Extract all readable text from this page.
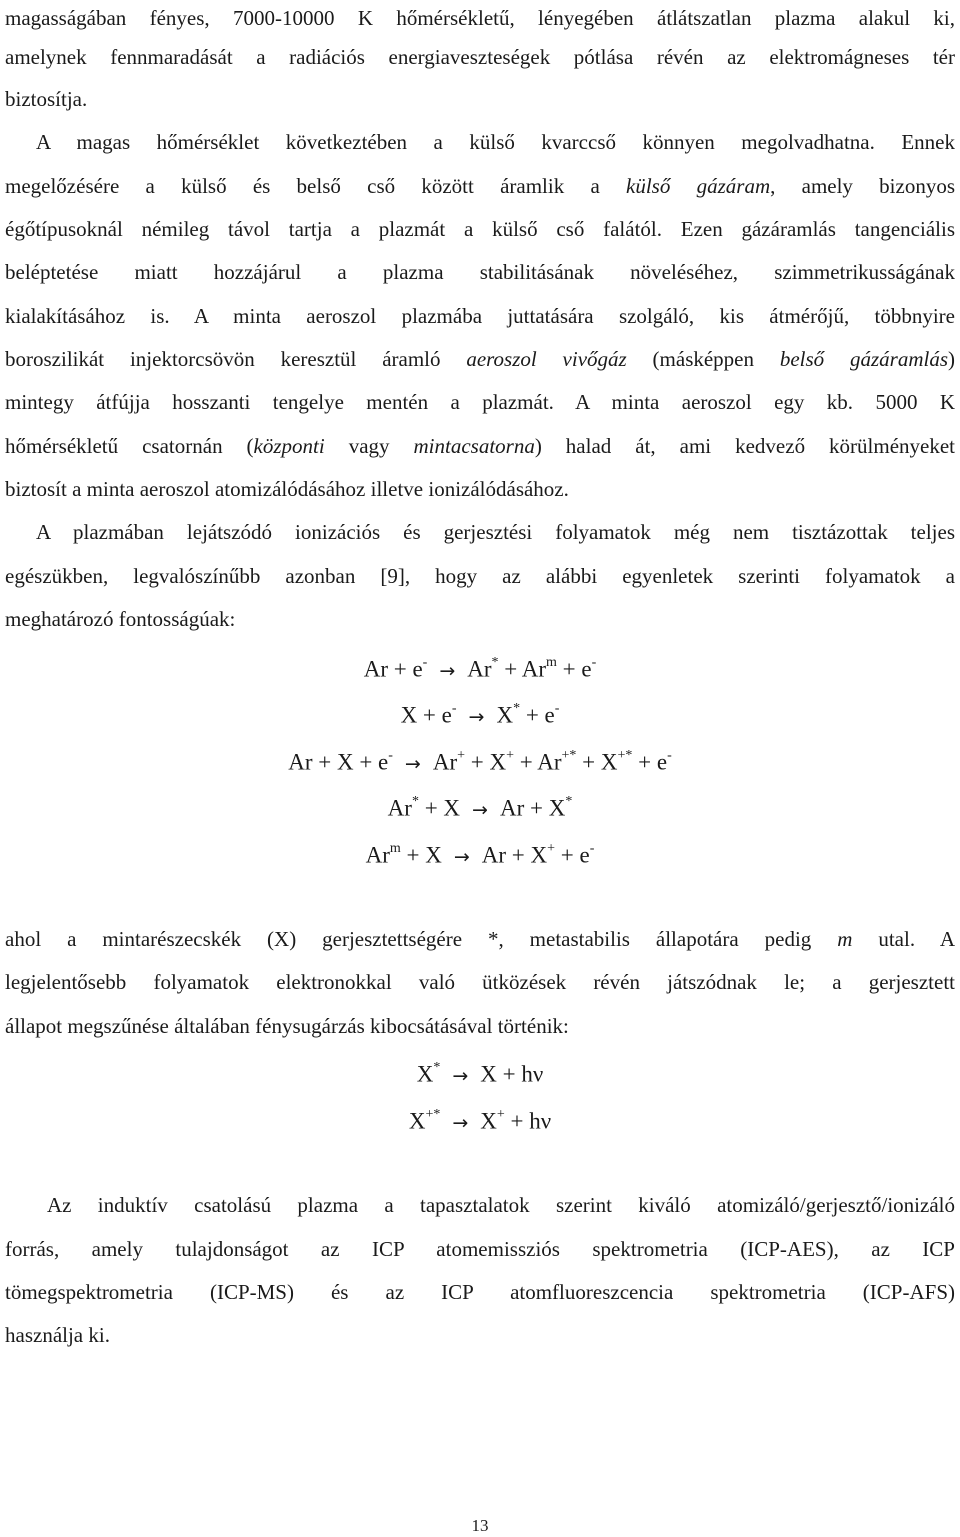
magasságában fényes, 7000-10000 K hőmérsékletű, lényegében átlátszatlan plazma alakul ki,
amelynek fennmaradását a radiációs energiaveszteségek pótlása révén az elektromágneses tér
biztosítja.
A magas hőmérséklet következtében a külső kvarccső könnyen megolvadhatna. Ennek
megelőzésére a külső és belső cső között áramlik a külső gázáram, amely bizonyos
égőtípusoknál némileg távol tartja a plazmát a külső cső falától. Ezen gázáramlás tangenciális
beléptetése miatt hozzájárul a plazma stabilitásának növeléséhez, szimmetrikusságának
kialakításához is. A minta aeroszol plazmába juttatására szolgáló, kis átmérőjű, többnyire
boroszilikát injektorcsövön keresztül áramló aeroszol vivőgáz (másképpen belső gázáramlás)
mintegy átfújja hosszanti tengelye mentén a plazmát. A minta aeroszol egy kb. 5000 K
hőmérsékletű csatornán (központi vagy mintacsatorna) halad át, ami kedvező körülményeket
biztosít a minta aeroszol atomizálódásához illetve ionizálódásához.
A plazmában lejátszódó ionizációs és gerjesztési folyamatok még nem tisztázottak teljes
egészükben, legvalószínűbb azonban [9], hogy az alábbi egyenletek szerinti folyamatok a
meghatározó fontosságúak:
$Ar + e^- \to Ar^* + Ar^m + e^-$
X + e- → X* + e-
Ar + X + e- → Ar+ + X+ + Ar+* + X+* + e-
Ar* + X → Ar + X*
$Ar^m + X \to Ar + X^+ + e^-$
ahol a mintarészecskék (X) gerjesztettségére *, metastabilis állapotára pedig m utal. A
legjelentősebb folyamatok elektronokkal való ütközések révén játszódnak le; a gerjesztett
állapot megszűnése általában fénysugárzás kibocsátásával történik:
X* → X + hν
X+* → X+ + hν
Az induktív csatolású plazma a tapasztalatok szerint kiváló atomizáló/gerjesztő/ionizáló
forrás, amely tulajdonságot az ICP atomemissziós spektrometria (ICP-AES), az ICP
tömegspektrometria (ICP-MS) és az ICP atomfluoreszcencia spektrometria (ICP-AFS)
használja ki.
13
